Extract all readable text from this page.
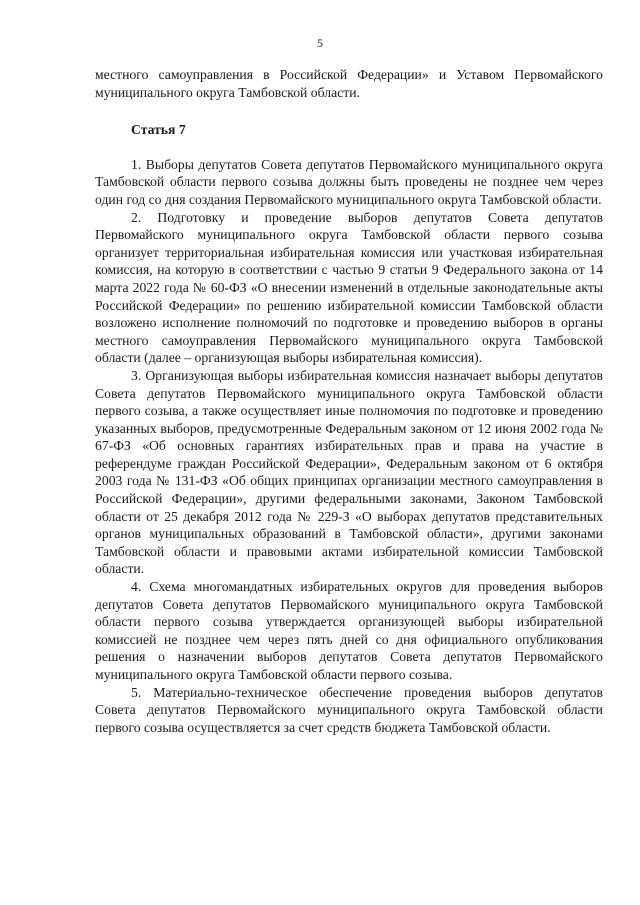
5

местного самоуправления в Российской Федерации» и Уставом Первомайского муниципального округа Тамбовской области.

Статья 7

1. Выборы депутатов Совета депутатов Первомайского муниципального округа Тамбовской области первого созыва должны быть проведены не позднее чем через один год со дня создания Первомайского муниципального округа Тамбовской области.

2. Подготовку и проведение выборов депутатов Совета депутатов Первомайского муниципального округа Тамбовской области первого созыва организует территориальная избирательная комиссия или участковая избирательная комиссия, на которую в соответствии с частью 9 статьи 9 Федерального закона от 14 марта 2022 года № 60-ФЗ «О внесении изменений в отдельные законодательные акты Российской Федерации» по решению избирательной комиссии Тамбовской области возложено исполнение полномочий по подготовке и проведению выборов в органы местного самоуправления Первомайского муниципального округа Тамбовской области (далее – организующая выборы избирательная комиссия).

3. Организующая выборы избирательная комиссия назначает выборы депутатов Совета депутатов Первомайского муниципального округа Тамбовской области первого созыва, а также осуществляет иные полномочия по подготовке и проведению указанных выборов, предусмотренные Федеральным законом от 12 июня 2002 года № 67-ФЗ «Об основных гарантиях избирательных прав и права на участие в референдуме граждан Российской Федерации», Федеральным законом от 6 октября 2003 года № 131-ФЗ «Об общих принципах организации местного самоуправления в Российской Федерации», другими федеральными законами, Законом Тамбовской области от 25 декабря 2012 года № 229-З «О выборах депутатов представительных органов муниципальных образований в Тамбовской области», другими законами Тамбовской области и правовыми актами избирательной комиссии Тамбовской области.

4. Схема многомандатных избирательных округов для проведения выборов депутатов Совета депутатов Первомайского муниципального округа Тамбовской области первого созыва утверждается организующей выборы избирательной комиссией не позднее чем через пять дней со дня официального опубликования решения о назначении выборов депутатов Совета депутатов Первомайского муниципального округа Тамбовской области первого созыва.

5. Материально-техническое обеспечение проведения выборов депутатов Совета депутатов Первомайского муниципального округа Тамбовской области первого созыва осуществляется за счет средств бюджета Тамбовской области.
